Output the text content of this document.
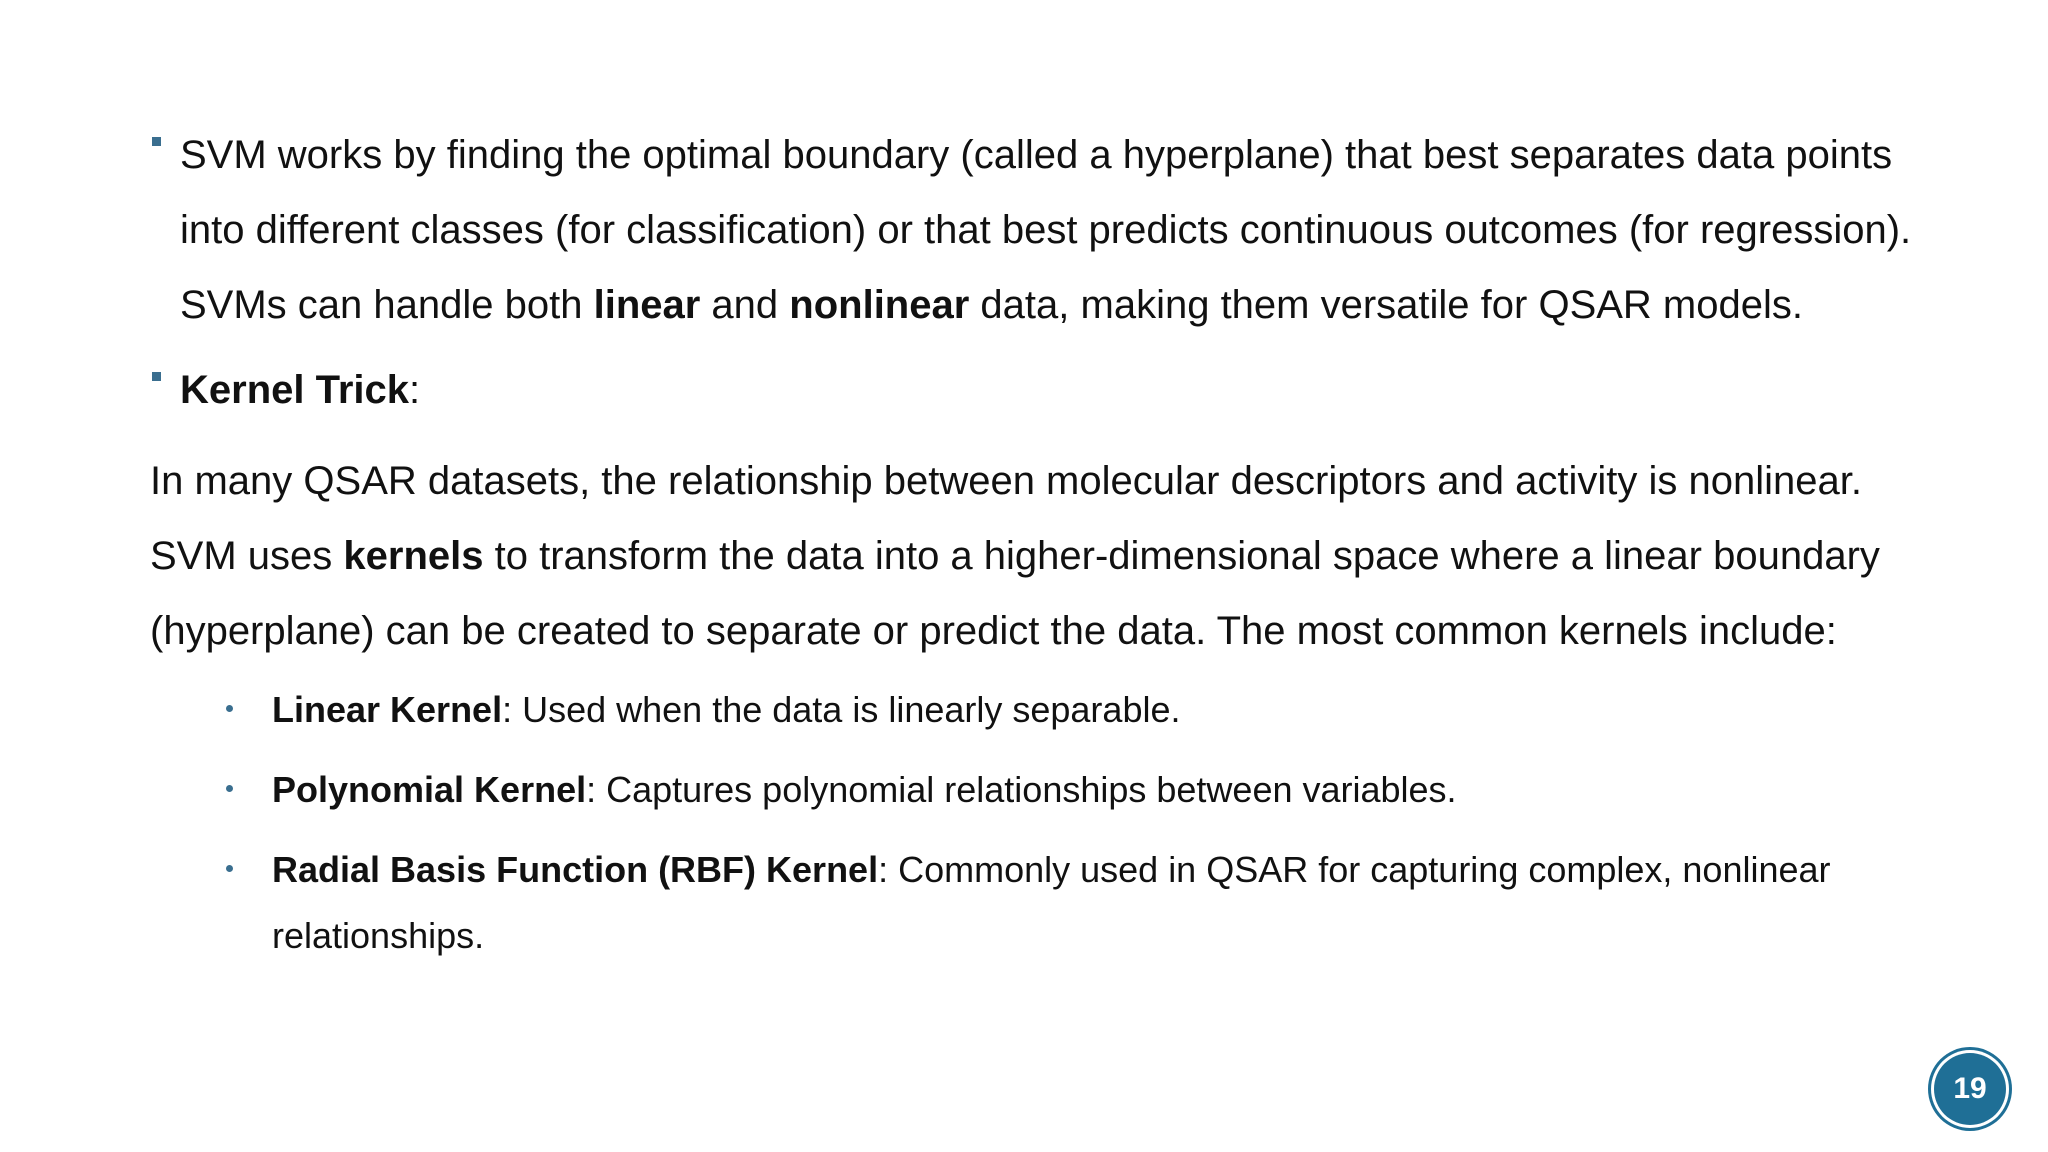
SVM works by finding the optimal boundary (called a hyperplane) that best separates data points into different classes (for classification) or that best predicts continuous outcomes (for regression). SVMs can handle both linear and nonlinear data, making them versatile for QSAR models.

Kernel Trick:

In many QSAR datasets, the relationship between molecular descriptors and activity is nonlinear. SVM uses kernels to transform the data into a higher-dimensional space where a linear boundary (hyperplane) can be created to separate or predict the data. The most common kernels include:

Linear Kernel: Used when the data is linearly separable.

Polynomial Kernel: Captures polynomial relationships between variables.

Radial Basis Function (RBF) Kernel: Commonly used in QSAR for capturing complex, nonlinear relationships.

19
